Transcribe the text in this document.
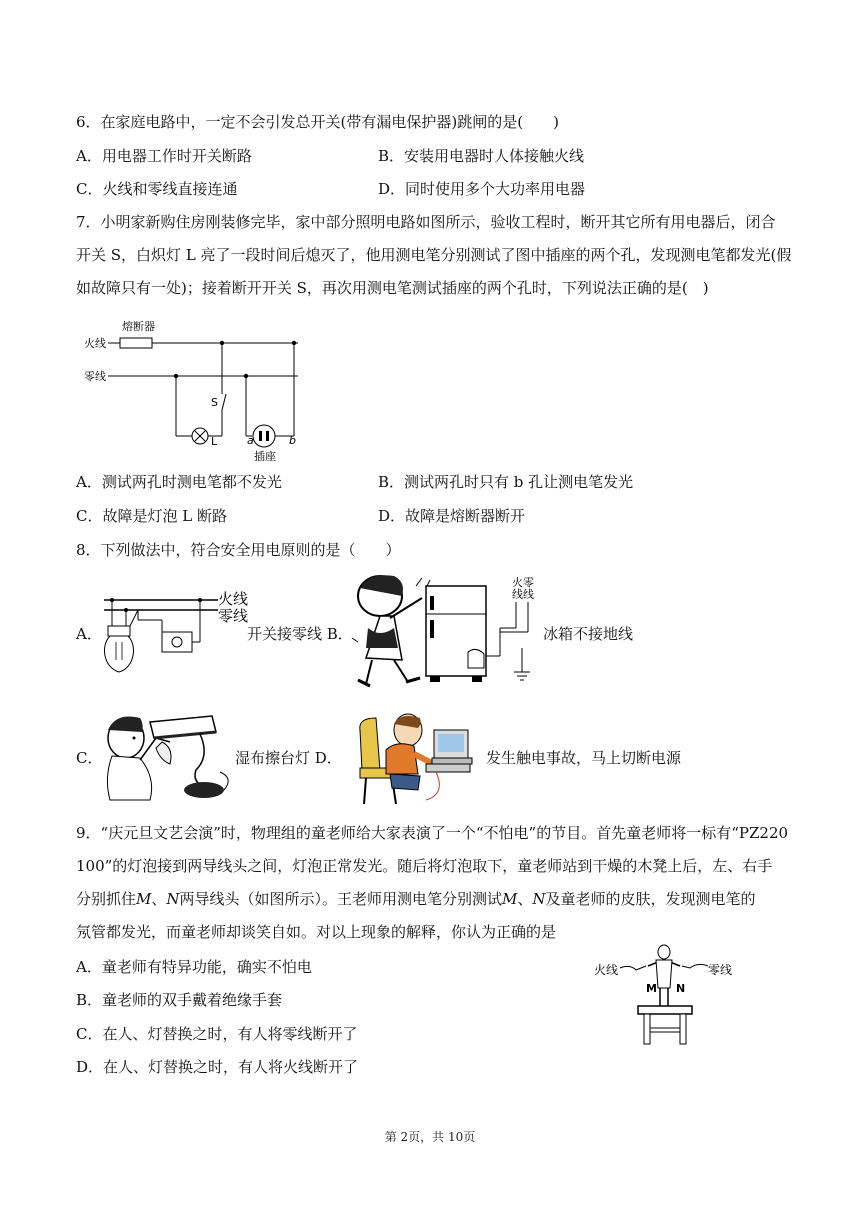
6．在家庭电路中，一定不会引发总开关(带有漏电保护器)跳闸的是(　　)
A．用电器工作时开关断路	B．安装用电器时人体接触火线
C．火线和零线直接连通	D．同时使用多个大功率用电器
7．小明家新购住房刚装修完毕，家中部分照明电路如图所示，验收工程时，断开其它所有用电器后，闭合
开关 S，白炽灯 L 亮了一段时间后熄灭了，他用测电笔分别测试了图中插座的两个孔，发现测电笔都发光(假
如故障只有一处)；接着断开开关 S，再次用测电笔测试插座的两个孔时，下列说法正确的是(　)
熔断器
火线
零线
L
S
a	b
插座
A．测试两孔时测电笔都不发光	B．测试两孔时只有 b 孔让测电笔发光
C．故障是灯泡 L 断路	D．故障是熔断器断开
8．下列做法中，符合安全用电原则的是（　　）
A．
火线
零线
开关接零线 B．
火零
线线
冰箱不接地线
C．	湿布擦台灯 D．	发生触电事故，马上切断电源
9．“庆元旦文艺会演”时，物理组的童老师给大家表演了一个“不怕电”的节目。首先童老师将一标有“PZ220
100”的灯泡接到两导线头之间，灯泡正常发光。随后将灯泡取下，童老师站到干燥的木凳上后，左、右手
分别抓住M、N两导线头（如图所示）。王老师用测电笔分别测试M、N及童老师的皮肤，发现测电笔的
氖管都发光，而童老师却谈笑自如。对以上现象的解释，你认为正确的是
A．童老师有特异功能，确实不怕电
B．童老师的双手戴着绝缘手套
C．在人、灯替换之时，有人将零线断开了
D．在人、灯替换之时，有人将火线断开了
火线	零线
M N
第 2页，共 10页
